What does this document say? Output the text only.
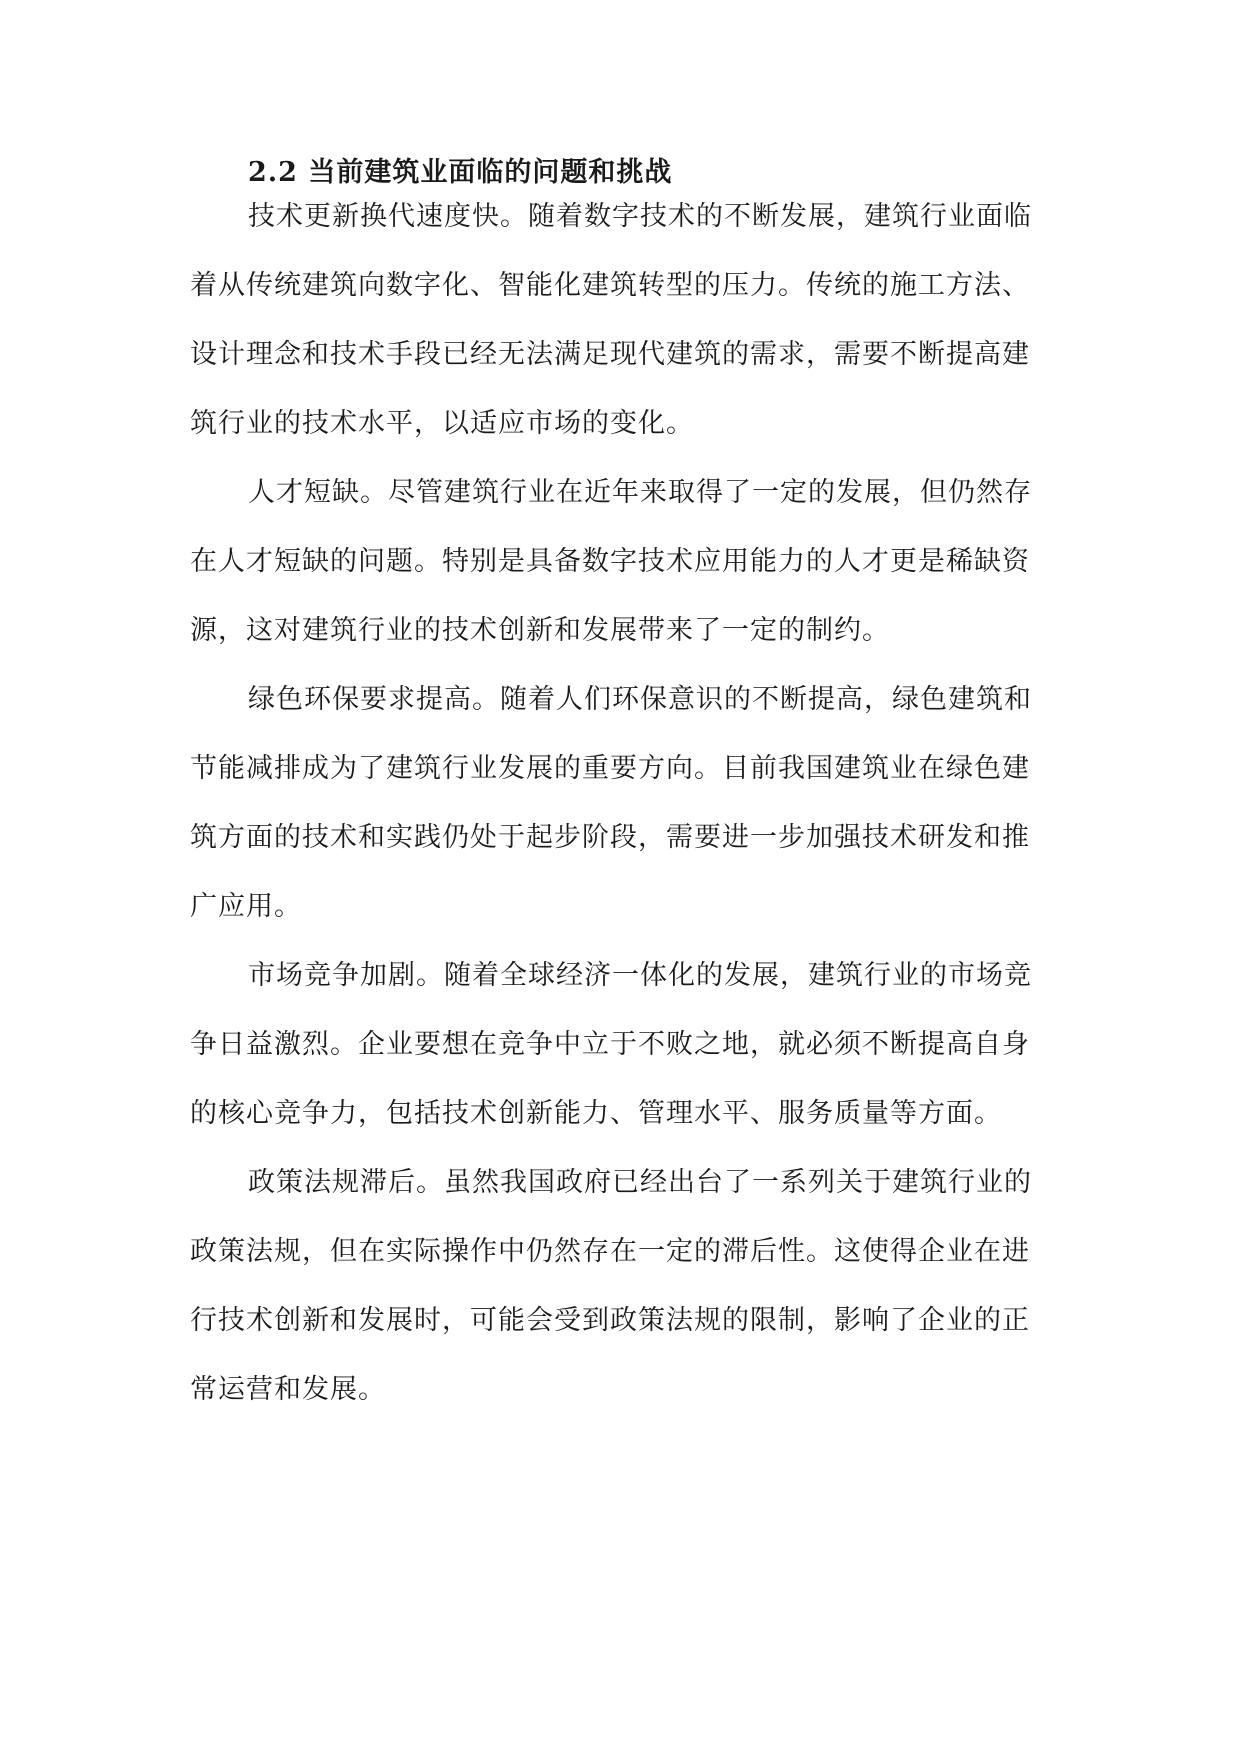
2.2 当前建筑业面临的问题和挑战

技术更新换代速度快。随着数字技术的不断发展，建筑行业面临

着从传统建筑向数字化、智能化建筑转型的压力。传统的施工方法、

设计理念和技术手段已经无法满足现代建筑的需求，需要不断提高建

筑行业的技术水平，以适应市场的变化。

人才短缺。尽管建筑行业在近年来取得了一定的发展，但仍然存

在人才短缺的问题。特别是具备数字技术应用能力的人才更是稀缺资

源，这对建筑行业的技术创新和发展带来了一定的制约。

绿色环保要求提高。随着人们环保意识的不断提高，绿色建筑和

节能减排成为了建筑行业发展的重要方向。目前我国建筑业在绿色建

筑方面的技术和实践仍处于起步阶段，需要进一步加强技术研发和推

广应用。

市场竞争加剧。随着全球经济一体化的发展，建筑行业的市场竞

争日益激烈。企业要想在竞争中立于不败之地，就必须不断提高自身

的核心竞争力，包括技术创新能力、管理水平、服务质量等方面。

政策法规滞后。虽然我国政府已经出台了一系列关于建筑行业的

政策法规，但在实际操作中仍然存在一定的滞后性。这使得企业在进

行技术创新和发展时，可能会受到政策法规的限制，影响了企业的正

常运营和发展。
